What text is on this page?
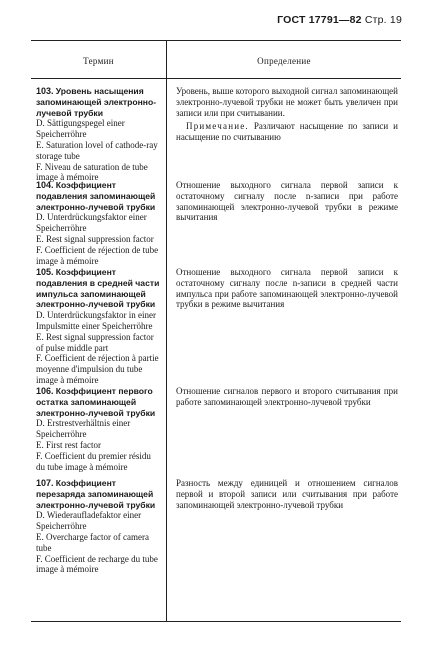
ГОСТ 17791—82 Стр. 19
Термин	Определение
103. Уровень насыщения запоминающей электронно-лучевой трубки
D. Sättigungspegel einer Speicherröhre
E. Saturation lovel of cathode-ray storage tube
F. Niveau de saturation de tube image à mémoire
Уровень, выше которого выходной сигнал запоминающей электронно-лучевой трубки не может быть увеличен при записи или при считывании.
Примечание. Различают насыщение по записи и насыщение по считыванию
104. Коэффициент подавления запоминающей электронно-лучевой трубки
D. Unterdrückungsfaktor einer Speicherröhre
E. Rest signal suppression factor
F. Coefficient de réjection de tube image à mémoire
Отношение выходного сигнала первой записи к остаточному сигналу после n-записи при работе запоминающей электронно-лучевой трубки в режиме вычитания
105. Коэффициент подавления в средней части импульса запоминающей электронно-лучевой трубки
D. Unterdrückungsfaktor in einer Impulsmitte einer Speicherröhre
E. Rest signal suppression factor of pulse middle part
F. Coefficient de réjection à partie moyenne d'impulsion du tube image à mémoire
Отношение выходного сигнала первой записи к остаточному сигналу после n-записи в средней части импульса при работе запоминающей электронно-лучевой трубки в режиме вычитания
106. Коэффициент первого остатка запоминающей электронно-лучевой трубки
D. Erstrestverhältnis einer Speicherröhre
E. First rest factor
F. Coefficient du premier résidu du tube image à mémoire
Отношение сигналов первого и второго считывания при работе запоминающей электронно-лучевой трубки
107. Коэффициент перезаряда запоминающей электронно-лучевой трубки
D. Wiederaufladefaktor einer Speicherröhre
E. Overcharge factor of camera tube
F. Coefficient de recharge du tube image à mémoire
Разность между единицей и отношением сигналов первой и второй записи или считывания при работе запоминающей электронно-лучевой трубки
